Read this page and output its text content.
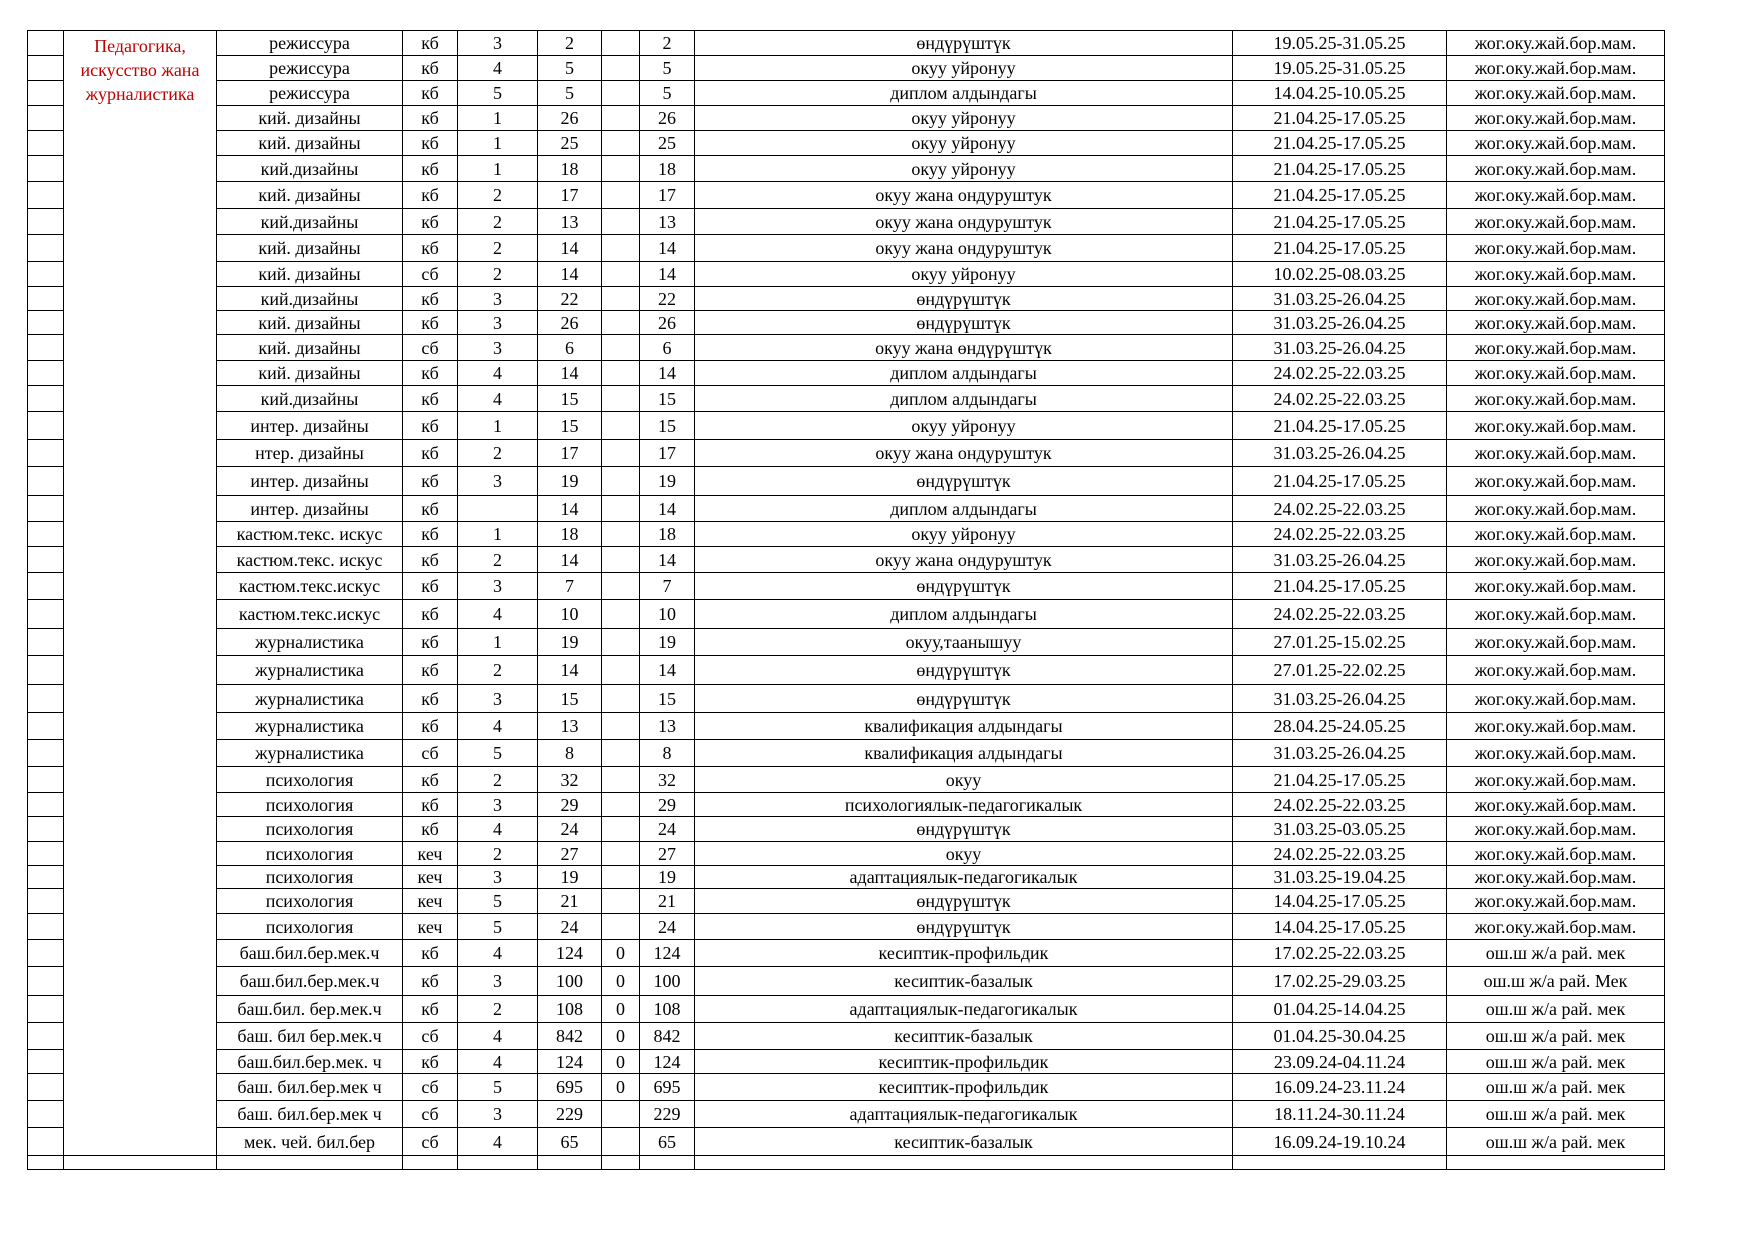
	Педагогика, искусство жана журналистика	режиссура	кб	3	2		2	өндүрүштүк	19.05.25-31.05.25	жог.оку.жай.бор.мам.
		режиссура	кб	4	5		5	окуу уйронуу	19.05.25-31.05.25	жог.оку.жай.бор.мам.
		режиссура	кб	5	5		5	диплом алдындагы	14.04.25-10.05.25	жог.оку.жай.бор.мам.
		кий. дизайны	кб	1	26		26	окуу уйронуу	21.04.25-17.05.25	жог.оку.жай.бор.мам.
		кий. дизайны	кб	1	25		25	окуу уйронуу	21.04.25-17.05.25	жог.оку.жай.бор.мам.
		кий.дизайны	кб	1	18		18	окуу уйронуу	21.04.25-17.05.25	жог.оку.жай.бор.мам.
		кий. дизайны	кб	2	17		17	окуу жана ондуруштук	21.04.25-17.05.25	жог.оку.жай.бор.мам.
		кий.дизайны	кб	2	13		13	окуу жана ондуруштук	21.04.25-17.05.25	жог.оку.жай.бор.мам.
		кий. дизайны	кб	2	14		14	окуу жана ондуруштук	21.04.25-17.05.25	жог.оку.жай.бор.мам.
		кий. дизайны	сб	2	14		14	окуу уйронуу	10.02.25-08.03.25	жог.оку.жай.бор.мам.
		кий.дизайны	кб	3	22		22	өндүрүштүк	31.03.25-26.04.25	жог.оку.жай.бор.мам.
		кий. дизайны	кб	3	26		26	өндүрүштүк	31.03.25-26.04.25	жог.оку.жай.бор.мам.
		кий. дизайны	сб	3	6		6	окуу жана өндүрүштүк	31.03.25-26.04.25	жог.оку.жай.бор.мам.
		кий. дизайны	кб	4	14		14	диплом алдындагы	24.02.25-22.03.25	жог.оку.жай.бор.мам.
		кий.дизайны	кб	4	15		15	диплом алдындагы	24.02.25-22.03.25	жог.оку.жай.бор.мам.
		интер. дизайны	кб	1	15		15	окуу уйронуу	21.04.25-17.05.25	жог.оку.жай.бор.мам.
		нтер. дизайны	кб	2	17		17	окуу жана ондуруштук	31.03.25-26.04.25	жог.оку.жай.бор.мам.
		интер. дизайны	кб	3	19		19	өндүрүштүк	21.04.25-17.05.25	жог.оку.жай.бор.мам.
		интер. дизайны	кб		14		14	диплом алдындагы	24.02.25-22.03.25	жог.оку.жай.бор.мам.
		кастюм.текс. искус	кб	1	18		18	окуу уйронуу	24.02.25-22.03.25	жог.оку.жай.бор.мам.
		кастюм.текс. искус	кб	2	14		14	окуу жана ондуруштук	31.03.25-26.04.25	жог.оку.жай.бор.мам.
		кастюм.текс.искус	кб	3	7		7	өндүрүштүк	21.04.25-17.05.25	жог.оку.жай.бор.мам.
		кастюм.текс.искус	кб	4	10		10	диплом алдындагы	24.02.25-22.03.25	жог.оку.жай.бор.мам.
		журналистика	кб	1	19		19	окуу,таанышуу	27.01.25-15.02.25	жог.оку.жай.бор.мам.
		журналистика	кб	2	14		14	өндүрүштүк	27.01.25-22.02.25	жог.оку.жай.бор.мам.
		журналистика	кб	3	15		15	өндүрүштүк	31.03.25-26.04.25	жог.оку.жай.бор.мам.
		журналистика	кб	4	13		13	квалификация алдындагы	28.04.25-24.05.25	жог.оку.жай.бор.мам.
		журналистика	сб	5	8		8	квалификация алдындагы	31.03.25-26.04.25	жог.оку.жай.бор.мам.
		психология	кб	2	32		32	окуу	21.04.25-17.05.25	жог.оку.жай.бор.мам.
		психология	кб	3	29		29	психологиялык-педагогикалык	24.02.25-22.03.25	жог.оку.жай.бор.мам.
		психология	кб	4	24		24	өндүрүштүк	31.03.25-03.05.25	жог.оку.жай.бор.мам.
		психология	кеч	2	27		27	окуу	24.02.25-22.03.25	жог.оку.жай.бор.мам.
		психология	кеч	3	19		19	адаптациялык-педагогикалык	31.03.25-19.04.25	жог.оку.жай.бор.мам.
		психология	кеч	5	21		21	өндүрүштүк	14.04.25-17.05.25	жог.оку.жай.бор.мам.
		психология	кеч	5	24		24	өндүрүштүк	14.04.25-17.05.25	жог.оку.жай.бор.мам.
		баш.бил.бер.мек.ч	кб	4	124	0	124	кесиптик-профильдик	17.02.25-22.03.25	ош.ш ж/а рай. мек
		баш.бил.бер.мек.ч	кб	3	100	0	100	кесиптик-базалык	17.02.25-29.03.25	ош.ш ж/а рай. Мек
		баш.бил. бер.мек.ч	кб	2	108	0	108	адаптациялык-педагогикалык	01.04.25-14.04.25	ош.ш ж/а рай. мек
		баш. бил бер.мек.ч	сб	4	842	0	842	кесиптик-базалык	01.04.25-30.04.25	ош.ш ж/а рай. мек
		баш.бил.бер.мек. ч	кб	4	124	0	124	кесиптик-профильдик	23.09.24-04.11.24	ош.ш ж/а рай. мек
		баш. бил.бер.мек ч	сб	5	695	0	695	кесиптик-профильдик	16.09.24-23.11.24	ош.ш ж/а рай. мек
		баш. бил.бер.мек ч	сб	3	229		229	адаптациялык-педагогикалык	18.11.24-30.11.24	ош.ш ж/а рай. мек
		мек. чей. бил.бер	сб	4	65		65	кесиптик-базалык	16.09.24-19.10.24	ош.ш ж/а рай. мек
